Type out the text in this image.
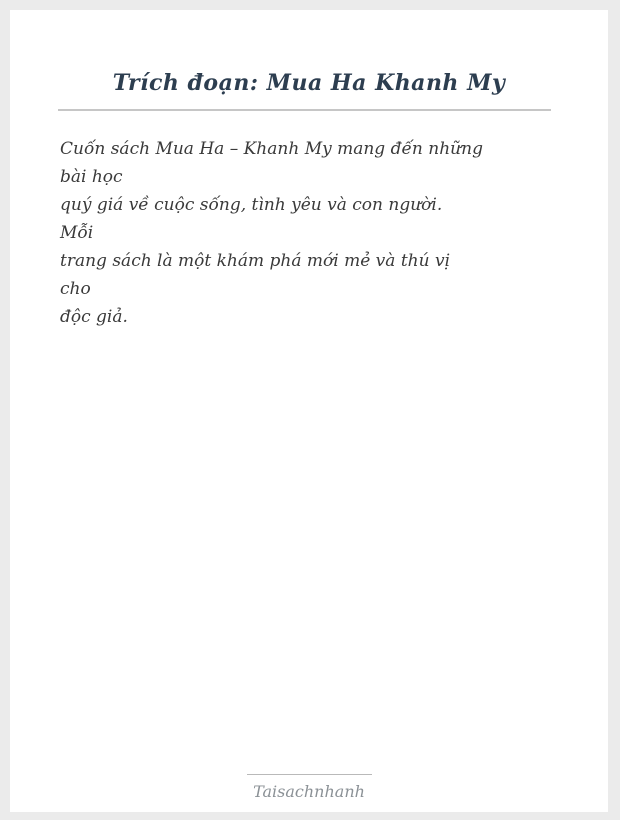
Trích đoạn: Mua Ha Khanh My
Cuốn sách Mua Ha – Khanh My mang đến những
bài học
quý giá về cuộc sống, tình yêu và con người.
Mỗi
trang sách là một khám phá mới mẻ và thú vị
cho
độc giả.
Taisachnhanh
